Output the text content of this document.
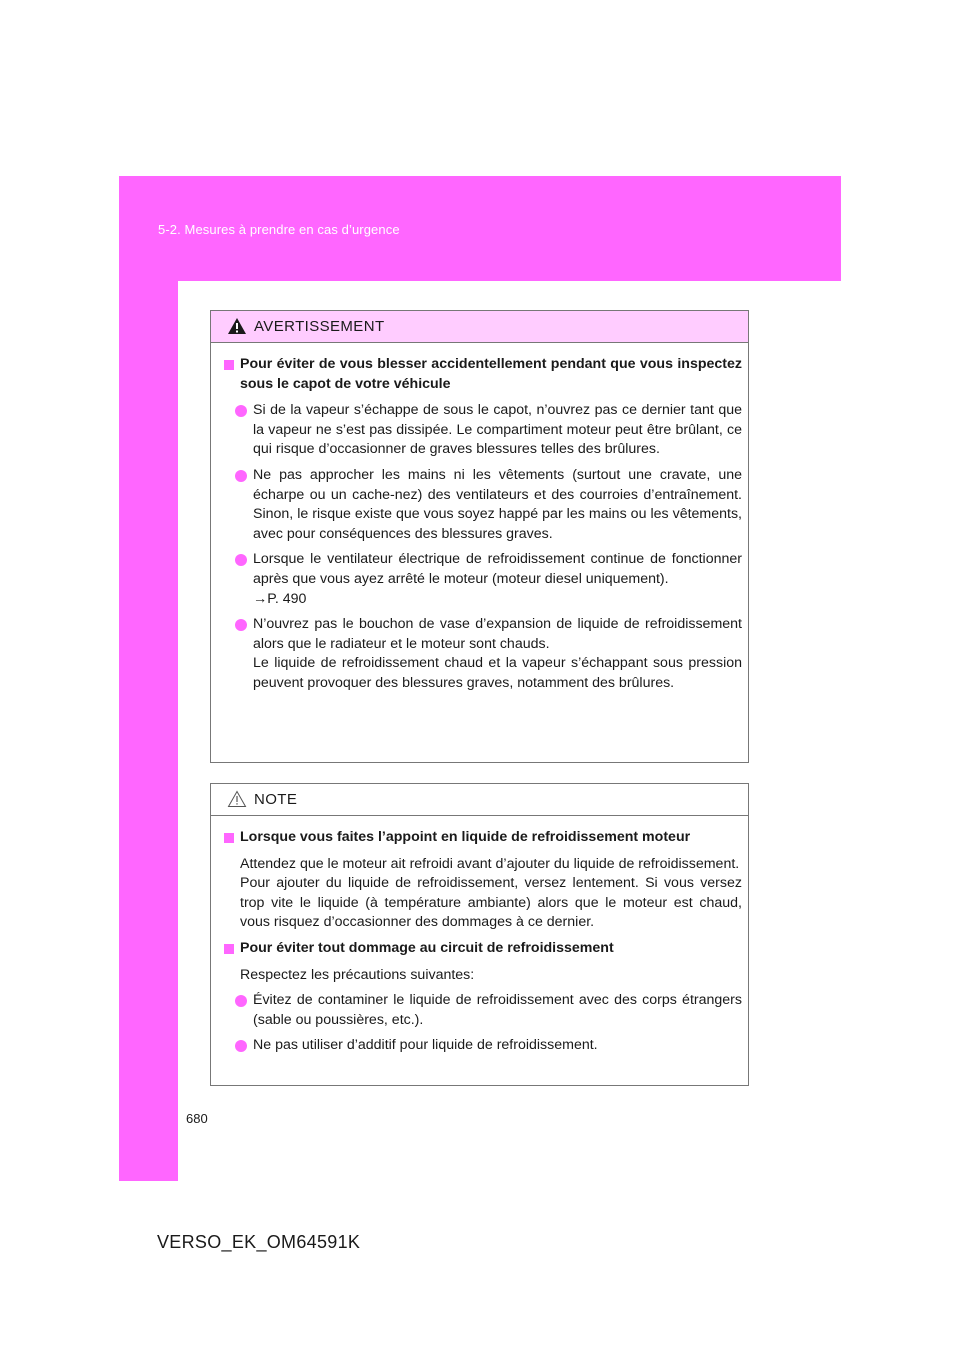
5-2. Mesures à prendre en cas d’urgence
AVERTISSEMENT
Pour éviter de vous blesser accidentellement pendant que vous inspectez sous le capot de votre véhicule
Si de la vapeur s’échappe de sous le capot, n’ouvrez pas ce dernier tant que la vapeur ne s’est pas dissipée. Le compartiment moteur peut être brûlant, ce qui risque d’occasionner de graves blessures telles des brûlures.
Ne pas approcher les mains ni les vêtements (surtout une cravate, une écharpe ou un cache-nez) des ventilateurs et des courroies d’entraînement. Sinon, le risque existe que vous soyez happé par les mains ou les vêtements, avec pour conséquences des blessures graves.
Lorsque le ventilateur électrique de refroidissement continue de fonctionner après que vous ayez arrêté le moteur (moteur diesel uniquement).
→P. 490
N’ouvrez pas le bouchon de vase d’expansion de liquide de refroidissement alors que le radiateur et le moteur sont chauds.
Le liquide de refroidissement chaud et la vapeur s’échappant sous pression peuvent provoquer des blessures graves, notamment des brûlures.
NOTE
Lorsque vous faites l’appoint en liquide de refroidissement moteur
Attendez que le moteur ait refroidi avant d’ajouter du liquide de refroidissement.
Pour ajouter du liquide de refroidissement, versez lentement. Si vous versez trop vite le liquide (à température ambiante) alors que le moteur est chaud, vous risquez d’occasionner des dommages à ce dernier.
Pour éviter tout dommage au circuit de refroidissement
Respectez les précautions suivantes:
Évitez de contaminer le liquide de refroidissement avec des corps étrangers (sable ou poussières, etc.).
Ne pas utiliser d’additif pour liquide de refroidissement.
680
VERSO_EK_OM64591K
